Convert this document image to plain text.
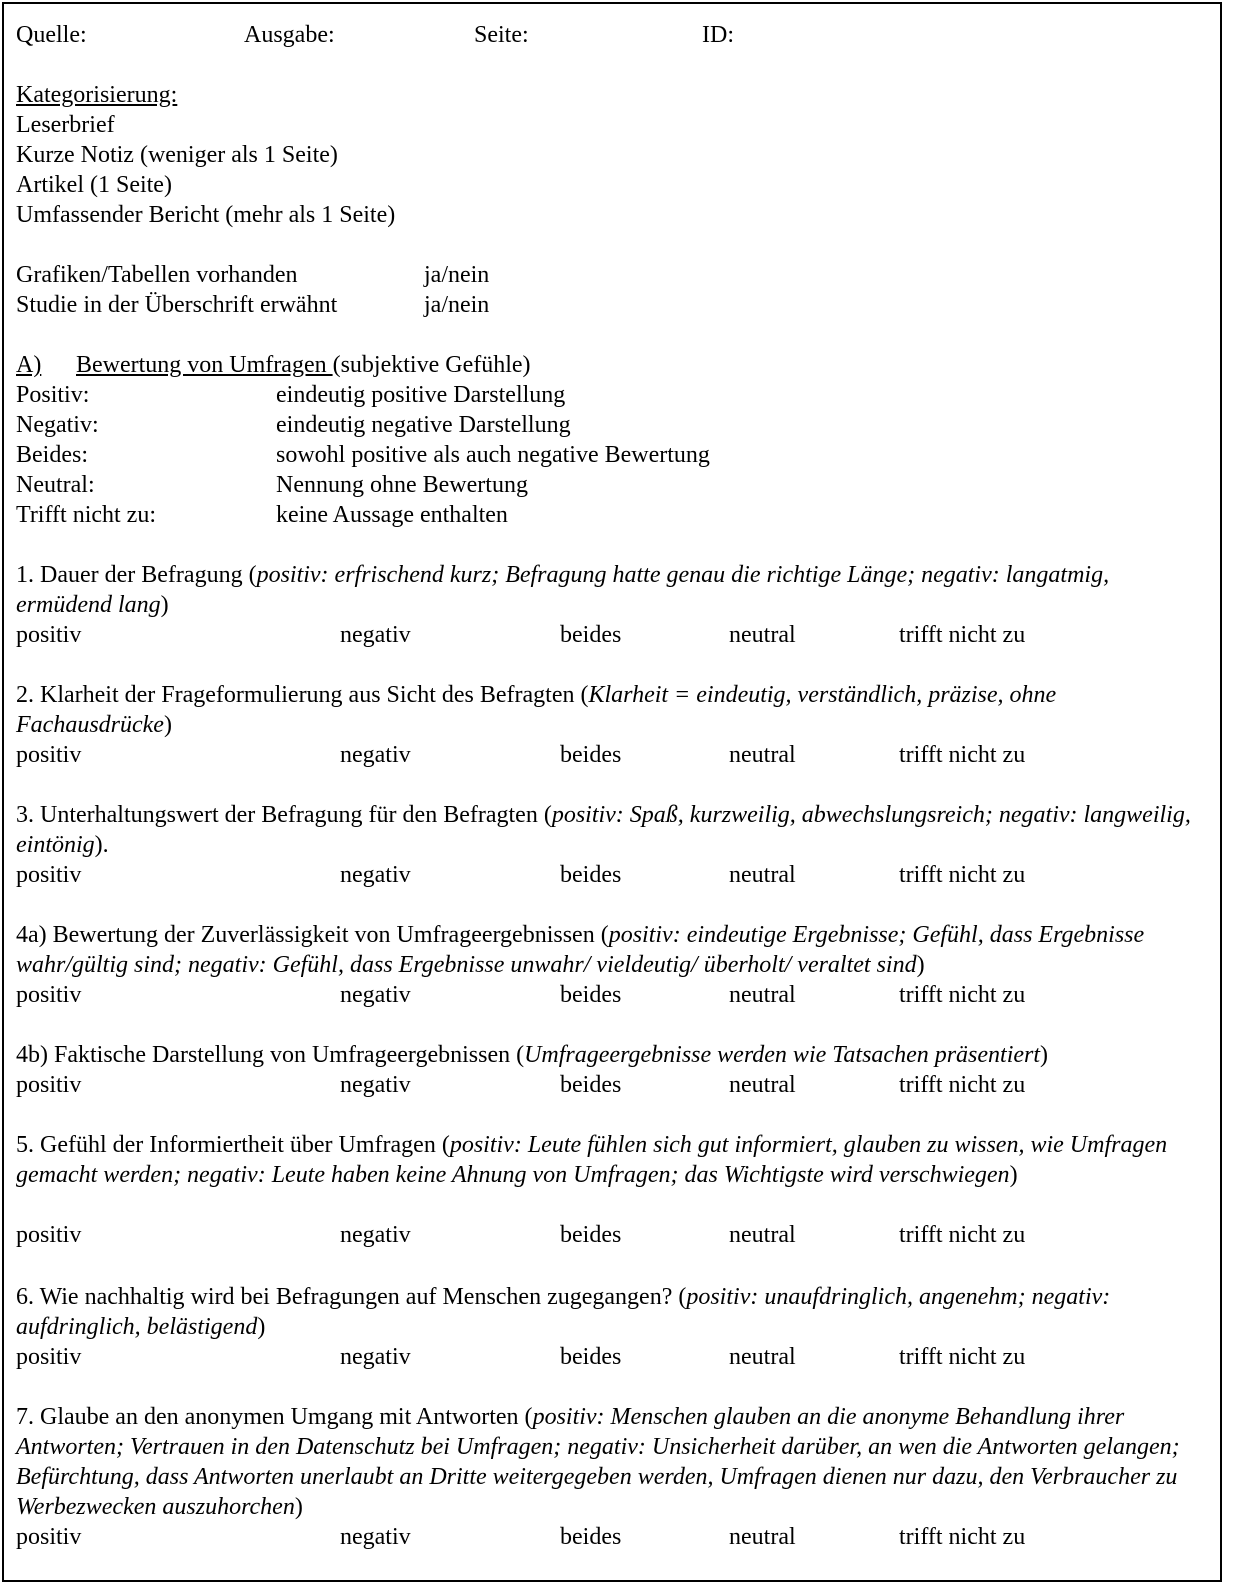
Quelle:	Ausgabe:	Seite:	ID:
Kategorisierung:
Leserbrief
Kurze Notiz (weniger als 1 Seite)
Artikel (1 Seite)
Umfassender Bericht (mehr als 1 Seite)
Grafiken/Tabellen vorhanden	ja/nein
Studie in der Überschrift erwähnt	ja/nein
A) Bewertung von Umfragen (subjektive Gefühle)
Positiv:	eindeutig positive Darstellung
Negativ:	eindeutig negative Darstellung
Beides:	sowohl positive als auch negative Bewertung
Neutral:	Nennung ohne Bewertung
Trifft nicht zu:	keine Aussage enthalten
1. Dauer der Befragung (positiv: erfrischend kurz; Befragung hatte genau die richtige Länge; negativ: langatmig, ermüdend lang)
positiv	negativ	beides	neutral	trifft nicht zu
2. Klarheit der Frageformulierung aus Sicht des Befragten (Klarheit = eindeutig, verständlich, präzise, ohne Fachausdrücke)
positiv	negativ	beides	neutral	trifft nicht zu
3. Unterhaltungswert der Befragung für den Befragten (positiv: Spaß, kurzweilig, abwechslungsreich; negativ: langweilig, eintönig).
positiv	negativ	beides	neutral	trifft nicht zu
4a) Bewertung der Zuverlässigkeit von Umfrageergebnissen (positiv: eindeutige Ergebnisse; Gefühl, dass Ergebnisse wahr/gültig sind; negativ: Gefühl, dass Ergebnisse unwahr/ vieldeutig/ überholt/ veraltet sind)
positiv	negativ	beides	neutral	trifft nicht zu
4b) Faktische Darstellung von Umfrageergebnissen (Umfrageergebnisse werden wie Tatsachen präsentiert)
positiv	negativ	beides	neutral	trifft nicht zu
5. Gefühl der Informiertheit über Umfragen (positiv: Leute fühlen sich gut informiert, glauben zu wissen, wie Umfragen gemacht werden; negativ: Leute haben keine Ahnung von Umfragen; das Wichtigste wird verschwiegen)
positiv	negativ	beides	neutral	trifft nicht zu
6. Wie nachhaltig wird bei Befragungen auf Menschen zugegangen? (positiv: unaufdringlich, angenehm; negativ: aufdringlich, belästigend)
positiv	negativ	beides	neutral	trifft nicht zu
7. Glaube an den anonymen Umgang mit Antworten (positiv: Menschen glauben an die anonyme Behandlung ihrer Antworten; Vertrauen in den Datenschutz bei Umfragen; negativ: Unsicherheit darüber, an wen die Antworten gelangen; Befürchtung, dass Antworten unerlaubt an Dritte weitergegeben werden, Umfragen dienen nur dazu, den Verbraucher zu Werbezwecken auszuhorchen)
positiv	negativ	beides	neutral	trifft nicht zu
